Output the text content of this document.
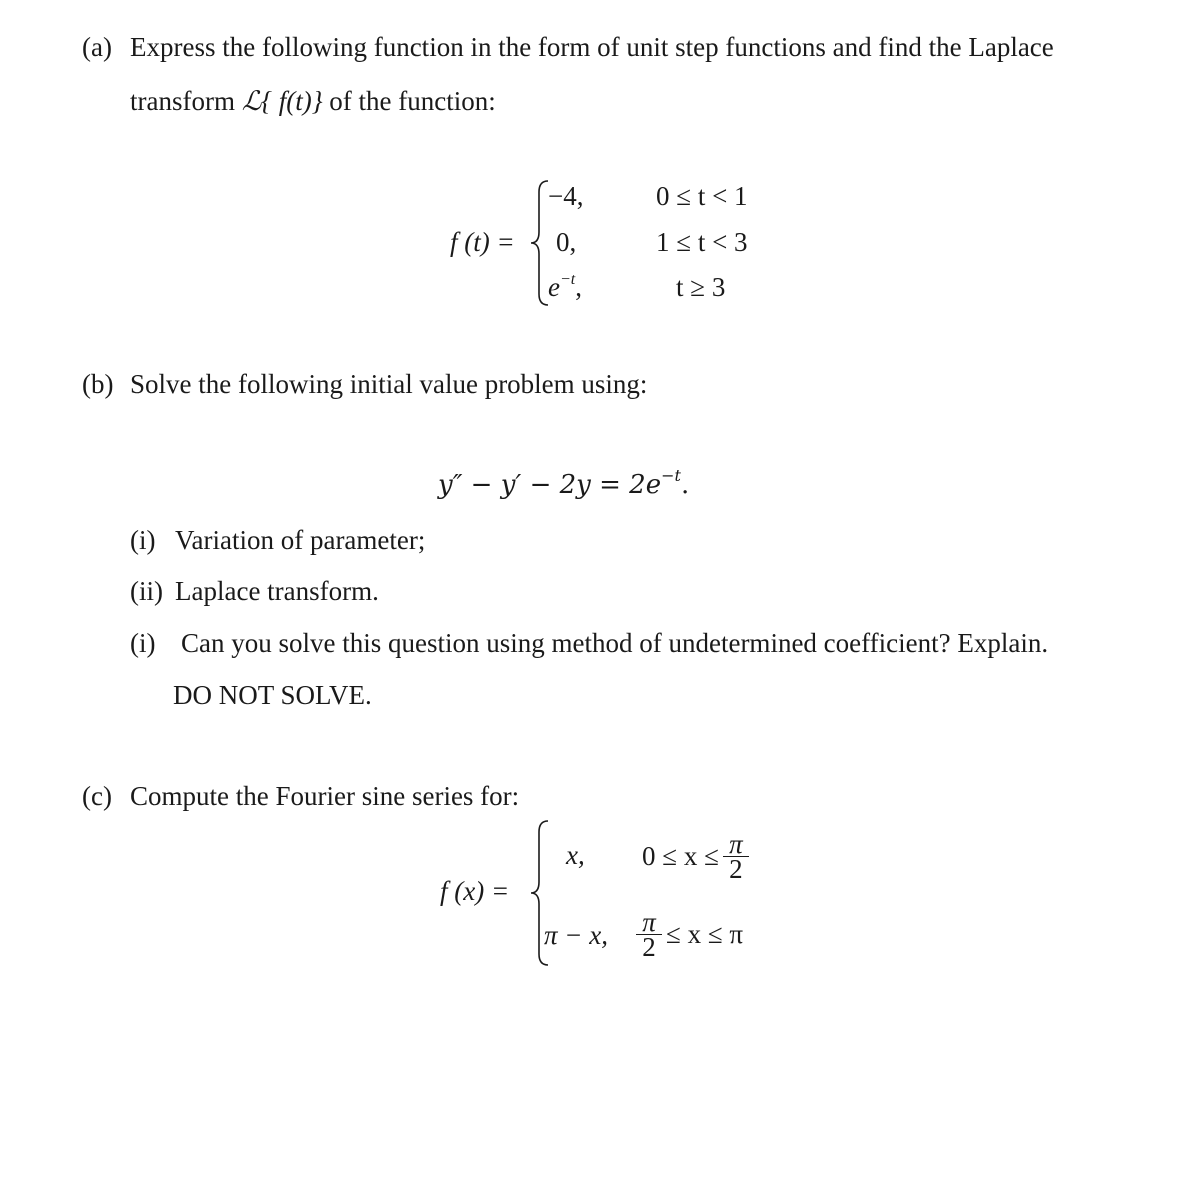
(a) Express the following function in the form of unit step functions and find the Laplace
transform ℒ{ f(t)} of the function:
f (t) =
−4,
0,
$e^{-t}$,
0 ≤ t < 1
1 ≤ t < 3
t ≥ 3
(b) Solve the following initial value problem using:
$y'' - y' - 2y = 2e^{-t}$.
(i) Variation of parameter;
(ii) Laplace transform.
(i) Can you solve this question using method of undetermined coefficient? Explain.
DO NOT SOLVE.
(c) Compute the Fourier sine series for:
f (x) =
x, $0 \le x \le \frac{\pi}{2}$
π − x, $\frac{\pi}{2} \le x \le \pi$
